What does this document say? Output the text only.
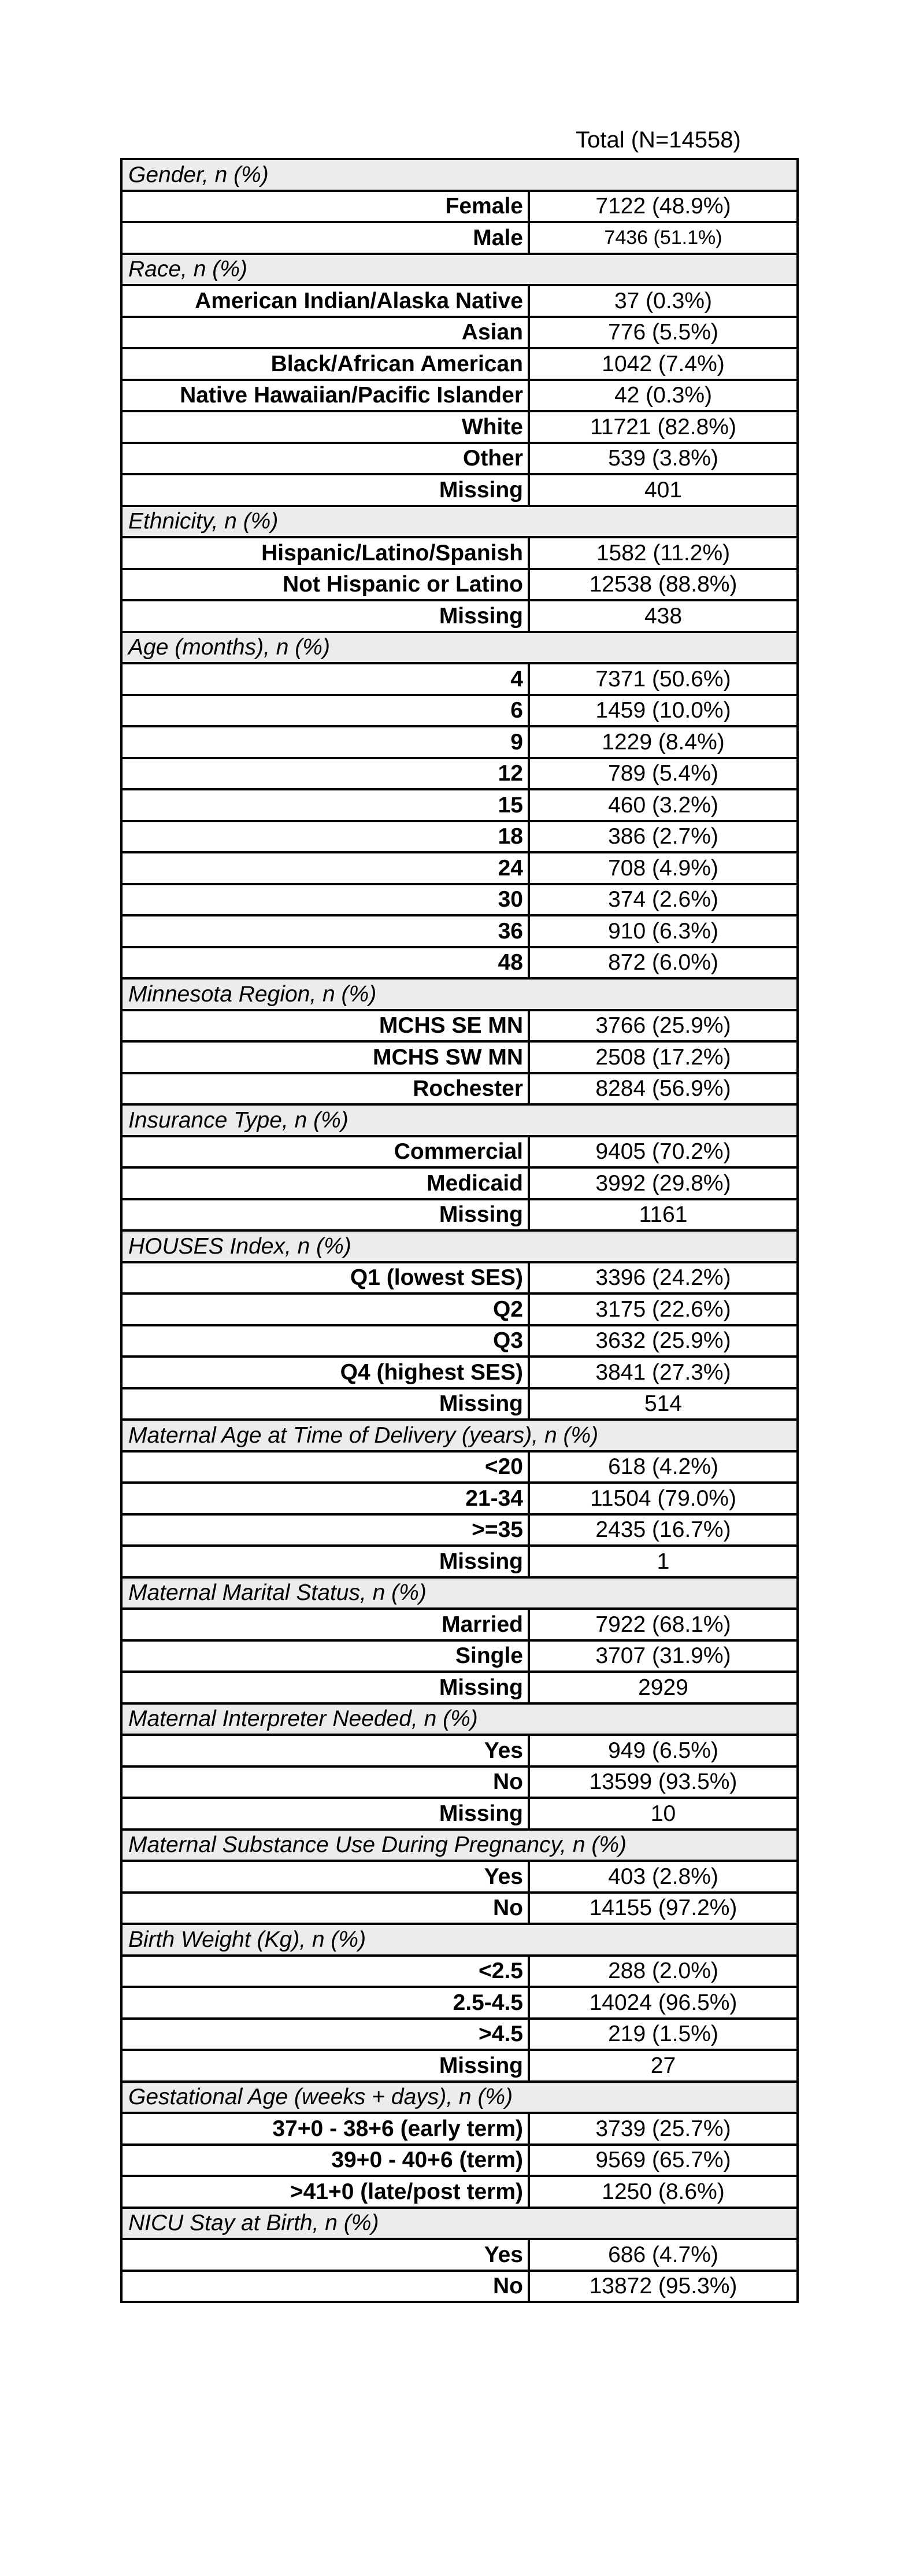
Total (N=14558)
Gender, n (%)	
Female	7122 (48.9%)
Male	7436 (51.1%)
Race, n (%)	
American Indian/Alaska Native	37 (0.3%)
Asian	776 (5.5%)
Black/African American	1042 (7.4%)
Native Hawaiian/Pacific Islander	42 (0.3%)
White	11721 (82.8%)
Other	539 (3.8%)
Missing	401
Ethnicity, n (%)	
Hispanic/Latino/Spanish	1582 (11.2%)
Not Hispanic or Latino	12538 (88.8%)
Missing	438
Age (months), n (%)	
4	7371 (50.6%)
6	1459 (10.0%)
9	1229 (8.4%)
12	789 (5.4%)
15	460 (3.2%)
18	386 (2.7%)
24	708 (4.9%)
30	374 (2.6%)
36	910 (6.3%)
48	872 (6.0%)
Minnesota Region, n (%)	
MCHS SE MN	3766 (25.9%)
MCHS SW MN	2508 (17.2%)
Rochester	8284 (56.9%)
Insurance Type, n (%)	
Commercial	9405 (70.2%)
Medicaid	3992 (29.8%)
Missing	1161
HOUSES Index, n (%)	
Q1 (lowest SES)	3396 (24.2%)
Q2	3175 (22.6%)
Q3	3632 (25.9%)
Q4 (highest SES)	3841 (27.3%)
Missing	514
Maternal Age at Time of Delivery (years), n (%)	
<20	618 (4.2%)
21-34	11504 (79.0%)
>=35	2435 (16.7%)
Missing	1
Maternal Marital Status, n (%)	
Married	7922 (68.1%)
Single	3707 (31.9%)
Missing	2929
Maternal Interpreter Needed, n (%)	
Yes	949 (6.5%)
No	13599 (93.5%)
Missing	10
Maternal Substance Use During Pregnancy, n (%)	
Yes	403 (2.8%)
No	14155 (97.2%)
Birth Weight (Kg), n (%)	
<2.5	288 (2.0%)
2.5-4.5	14024 (96.5%)
>4.5	219 (1.5%)
Missing	27
Gestational Age (weeks + days), n (%)	
37+0 - 38+6 (early term)	3739 (25.7%)
39+0 - 40+6 (term)	9569 (65.7%)
>41+0 (late/post term)	1250 (8.6%)
NICU Stay at Birth, n (%)	
Yes	686 (4.7%)
No	13872 (95.3%)
